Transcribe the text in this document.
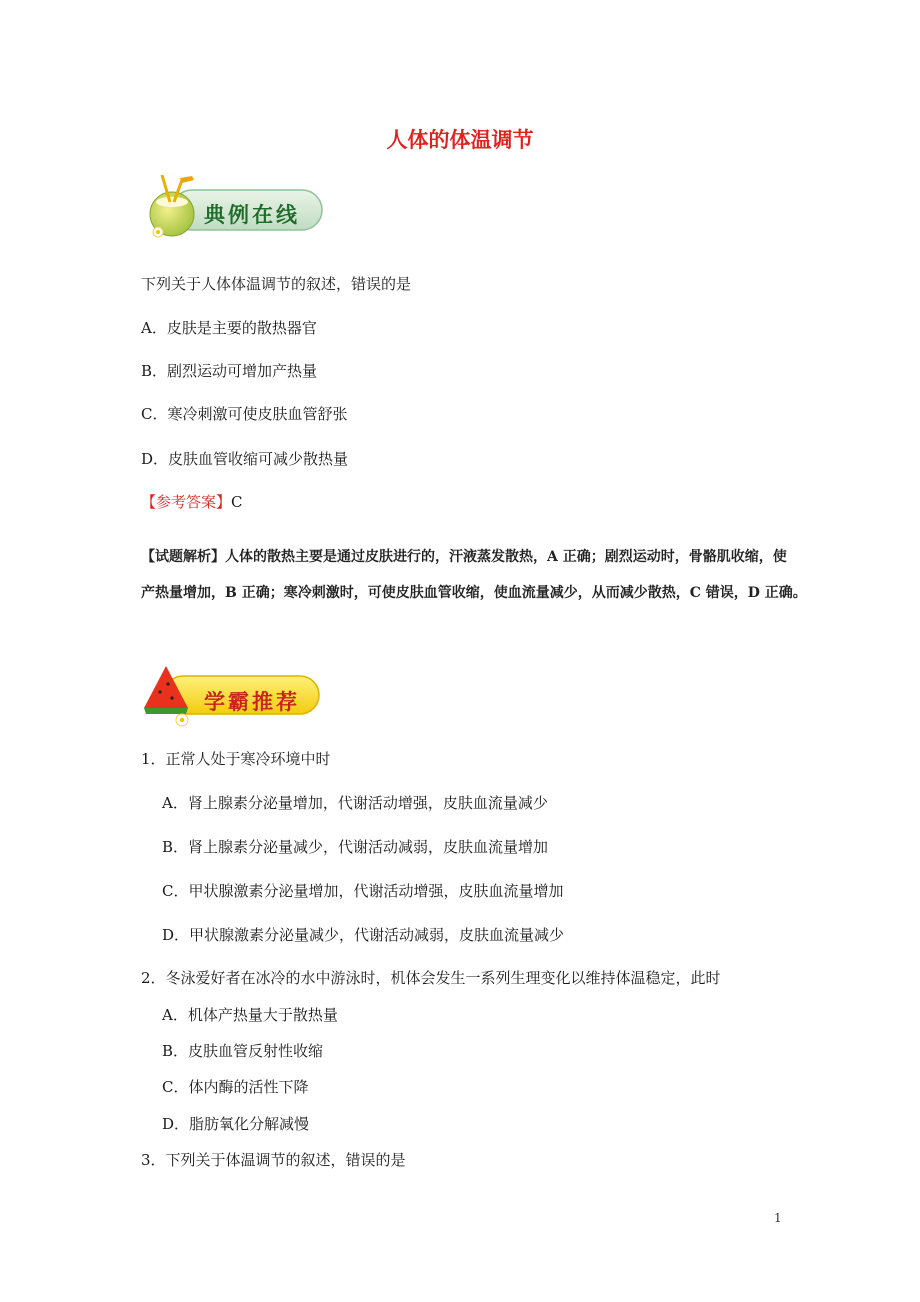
人体的体温调节
典例在线
下列关于人体体温调节的叙述，错误的是
A．皮肤是主要的散热器官
B．剧烈运动可增加产热量
C．寒冷刺激可使皮肤血管舒张
D．皮肤血管收缩可减少散热量
【参考答案】C
【试题解析】人体的散热主要是通过皮肤进行的，汗液蒸发散热，A 正确；剧烈运动时，骨骼肌收缩，使
产热量增加，B 正确；寒冷刺激时，可使皮肤血管收缩，使血流量减少，从而减少散热，C 错误，D 正确。
学霸推荐
1．正常人处于寒冷环境中时
A．肾上腺素分泌量增加，代谢活动增强，皮肤血流量减少
B．肾上腺素分泌量减少，代谢活动减弱，皮肤血流量增加
C．甲状腺激素分泌量增加，代谢活动增强，皮肤血流量增加
D．甲状腺激素分泌量减少，代谢活动减弱，皮肤血流量减少
2．冬泳爱好者在冰冷的水中游泳时，机体会发生一系列生理变化以维持体温稳定，此时
A．机体产热量大于散热量
B．皮肤血管反射性收缩
C．体内酶的活性下降
D．脂肪氧化分解减慢
3．下列关于体温调节的叙述，错误的是
1
